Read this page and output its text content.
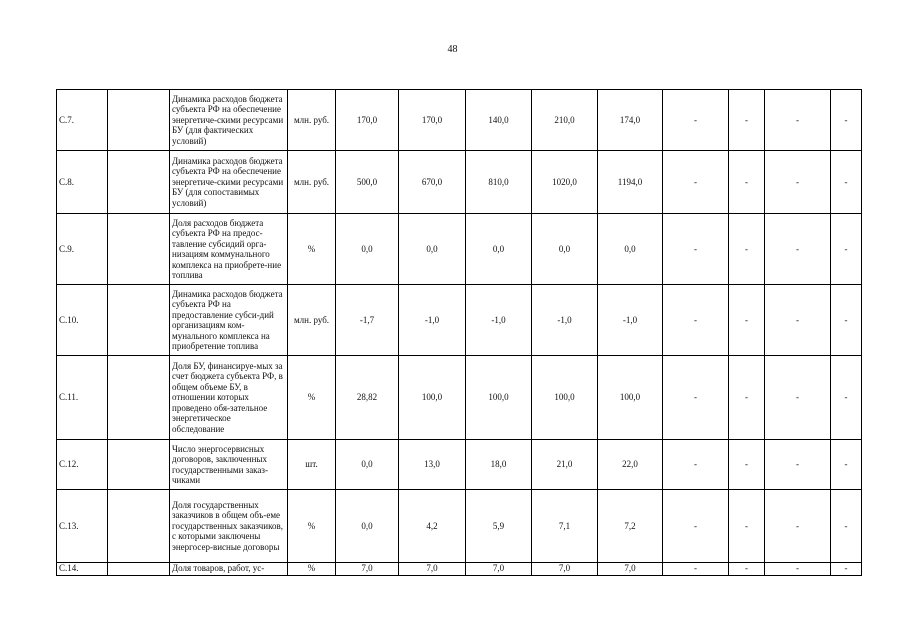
48
С.7.		Динамика расходов бюджета субъекта РФ на обеспечение энергетиче-скими ресурсами БУ (для фактических условий)	млн. руб.	170,0	170,0	140,0	210,0	174,0	-	-	-	-
С.8.		Динамика расходов бюджета субъекта РФ на обеспечение энергетиче-скими ресурсами БУ (для сопоставимых условий)	млн. руб.	500,0	670,0	810,0	1020,0	1194,0	-	-	-	-
С.9.		Доля расходов бюджета субъекта РФ на предос-тавление субсидий орга-низациям коммунального комплекса на приобрете-ние топлива	%	0,0	0,0	0,0	0,0	0,0	-	-	-	-
С.10.		Динамика расходов бюджета субъекта РФ на предоставление субси-дий организациям ком-мунального комплекса на приобретение топлива	млн. руб.	-1,7	-1,0	-1,0	-1,0	-1,0	-	-	-	-
С.11.		Доля БУ, финансируе-мых за счет бюджета субъекта РФ, в общем объеме БУ, в отношении которых проведено обя-зательное энергетическое обследование	%	28,82	100,0	100,0	100,0	100,0	-	-	-	-
С.12.		Число энергосервисных договоров, заключенных государственными заказ-чиками	шт.	0,0	13,0	18,0	21,0	22,0	-	-	-	-
С.13.		Доля государственных заказчиков в общем объ-еме государственных заказчиков, с которыми заключены энергосер-висные договоры	%	0,0	4,2	5,9	7,1	7,2	-	-	-	-
С.14.		Доля товаров, работ, ус-	%	7,0	7,0	7,0	7,0	7,0	-	-	-	-
